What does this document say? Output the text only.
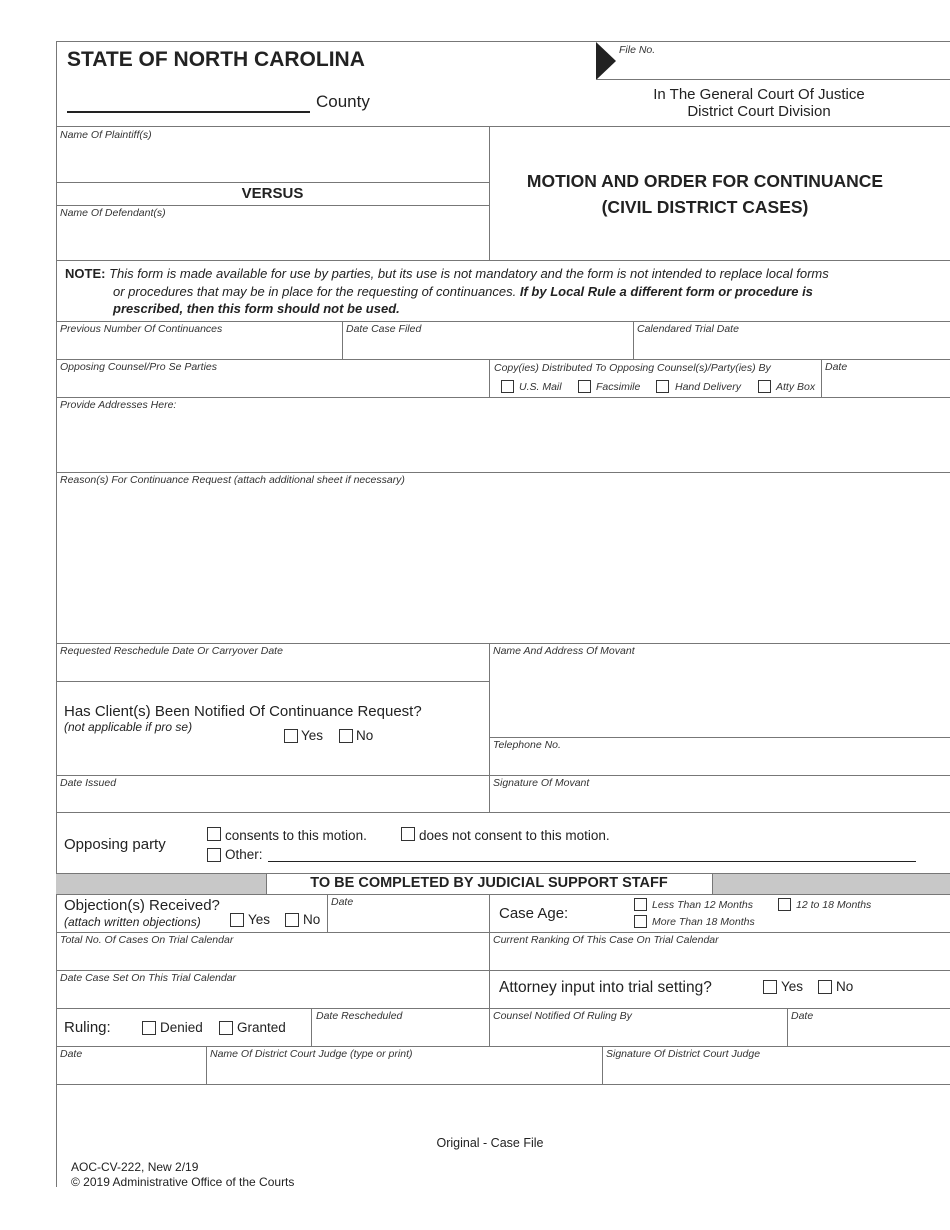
STATE OF NORTH CAROLINA
County
File No.
In The General Court Of Justice
District Court Division
Name Of Plaintiff(s)
VERSUS
Name Of Defendant(s)
MOTION AND ORDER FOR CONTINUANCE
(CIVIL DISTRICT CASES)
NOTE: This form is made available for use by parties, but its use is not mandatory and the form is not intended to replace local forms
or procedures that may be in place for the requesting of continuances. If by Local Rule a different form or procedure is
prescribed, then this form should not be used.
Previous Number Of Continuances	Date Case Filed	Calendared Trial Date
Opposing Counsel/Pro Se Parties	Copy(ies) Distributed To Opposing Counsel(s)/Party(ies) By	Date
U.S. Mail	Facsimile	Hand Delivery	Atty Box
Provide Addresses Here:
Reason(s) For Continuance Request (attach additional sheet if necessary)
Requested Reschedule Date Or Carryover Date	Name And Address Of Movant
Has Client(s) Been Notified Of Continuance Request?
(not applicable if pro se)
Yes No
Telephone No.
Date Issued	Signature Of Movant
Opposing party
consents to this motion.	does not consent to this motion.
Other:
TO BE COMPLETED BY JUDICIAL SUPPORT STAFF
Objection(s) Received?
(attach written objections)	Yes No
Date
Case Age:	Less Than 12 Months	12 to 18 Months
More Than 18 Months
Total No. Of Cases On Trial Calendar	Current Ranking Of This Case On Trial Calendar
Date Case Set On This Trial Calendar
Attorney input into trial setting?	Yes No
Ruling:	Denied	Granted
Date Rescheduled	Counsel Notified Of Ruling By	Date
Date	Name Of District Court Judge (type or print)	Signature Of District Court Judge
Original - Case File
AOC-CV-222, New 2/19
© 2019 Administrative Office of the Courts
